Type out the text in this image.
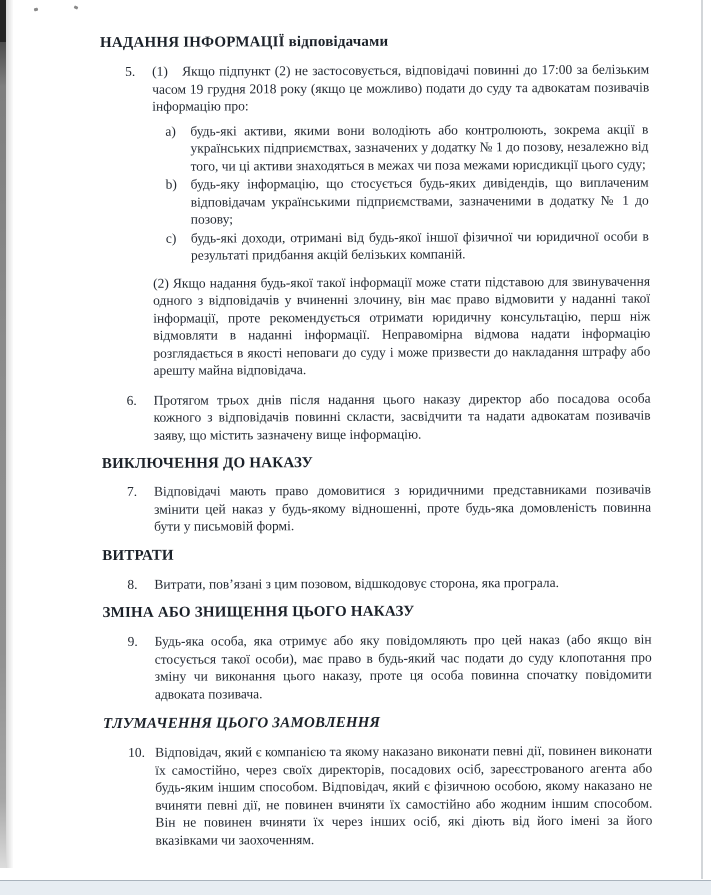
НАДАННЯ ІНФОРМАЦІЇ відповідачами
5. (1) Якщо підпункт (2) не застосовується, відповідачі повинні до 17:00 за белізьким часом 19 грудня 2018 року (якщо це можливо) подати до суду та адвокатам позивачів інформацію про:

a) будь-які активи, якими вони володіють або контролюють, зокрема акції в українських підприємствах, зазначених у додатку № 1 до позову, незалежно від того, чи ці активи знаходяться в межах чи поза межами юрисдикції цього суду;

b) будь-яку інформацію, що стосується будь-яких дивідендів, що виплаченим відповідачам українськими підприємствами, зазначеними в додатку № 1 до позову;

c) будь-які доходи, отримані від будь-якої іншої фізичної чи юридичної особи в результаті придбання акцій белізьких компаній.

(2) Якщо надання будь-якої такої інформації може стати підставою для звинувачення одного з відповідачів у вчиненні злочину, він має право відмовити у наданні такої інформації, проте рекомендується отримати юридичну консультацію, перш ніж відмовляти в наданні інформації. Неправомірна відмова надати інформацію розглядається в якості неповаги до суду і може призвести до накладання штрафу або арешту майна відповідача.

6. Протягом трьох днів після надання цього наказу директор або посадова особа кожного з відповідачів повинні скласти, засвідчити та надати адвокатам позивачів заяву, що містить зазначену вище інформацію.

ВИКЛЮЧЕННЯ ДО НАКАЗУ
7. Відповідачі мають право домовитися з юридичними представниками позивачів змінити цей наказ у будь-якому відношенні, проте будь-яка домовленість повинна бути у письмовій формі.

ВИТРАТИ
8. Витрати, пов’язані з цим позовом, відшкодовує сторона, яка програла.

ЗМІНА АБО ЗНИЩЕННЯ ЦЬОГО НАКАЗУ
9. Будь-яка особа, яка отримує або яку повідомляють про цей наказ (або якщо він стосується такої особи), має право в будь-який час подати до суду клопотання про зміну чи виконання цього наказу, проте ця особа повинна спочатку повідомити адвоката позивача.

ТЛУМАЧЕННЯ ЦЬОГО ЗАМОВЛЕННЯ
10. Відповідач, який є компанією та якому наказано виконати певні дії, повинен виконати їх самостійно, через своїх директорів, посадових осіб, зареєстрованого агента або будь-яким іншим способом. Відповідач, який є фізичною особою, якому наказано не вчиняти певні дії, не повинен вчиняти їх самостійно або жодним іншим способом. Він не повинен вчиняти їх через інших осіб, які діють від його імені за його вказівками чи заохоченням.
